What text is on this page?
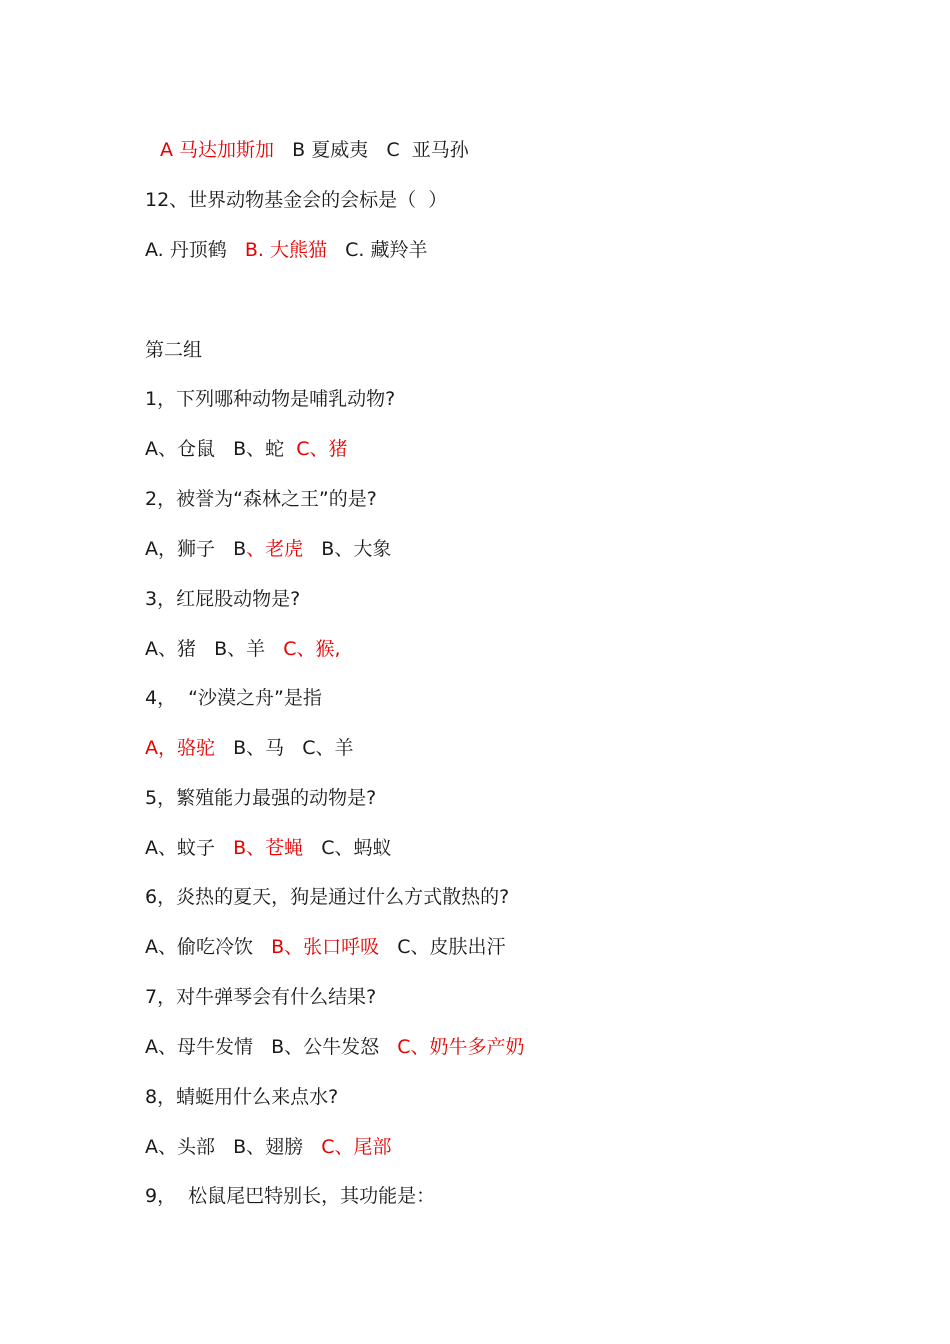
A 马达加斯加   B 夏威夷   C  亚马孙
12、世界动物基金会的会标是（  ）
A. 丹顶鹤   B. 大熊猫   C. 藏羚羊
第二组
1，下列哪种动物是哺乳动物?
A、仓鼠   B、蛇  C、猪
2，被誉为“森林之王”的是?
A，狮子   B、老虎   B、大象
3，红屁股动物是?
A、猪   B、羊   C、猴,
4，  “沙漠之舟”是指
A，骆驼   B、马   C、羊
5，繁殖能力最强的动物是?
A、蚊子   B、苍蝇   C、蚂蚁
6，炎热的夏天，狗是通过什么方式散热的?
A、偷吃冷饮   B、张口呼吸   C、皮肤出汗
7，对牛弹琴会有什么结果?
A、母牛发情   B、公牛发怒   C、奶牛多产奶
8，蜻蜓用什么来点水?
A、头部   B、翅膀   C、尾部
9，  松鼠尾巴特别长，其功能是：
